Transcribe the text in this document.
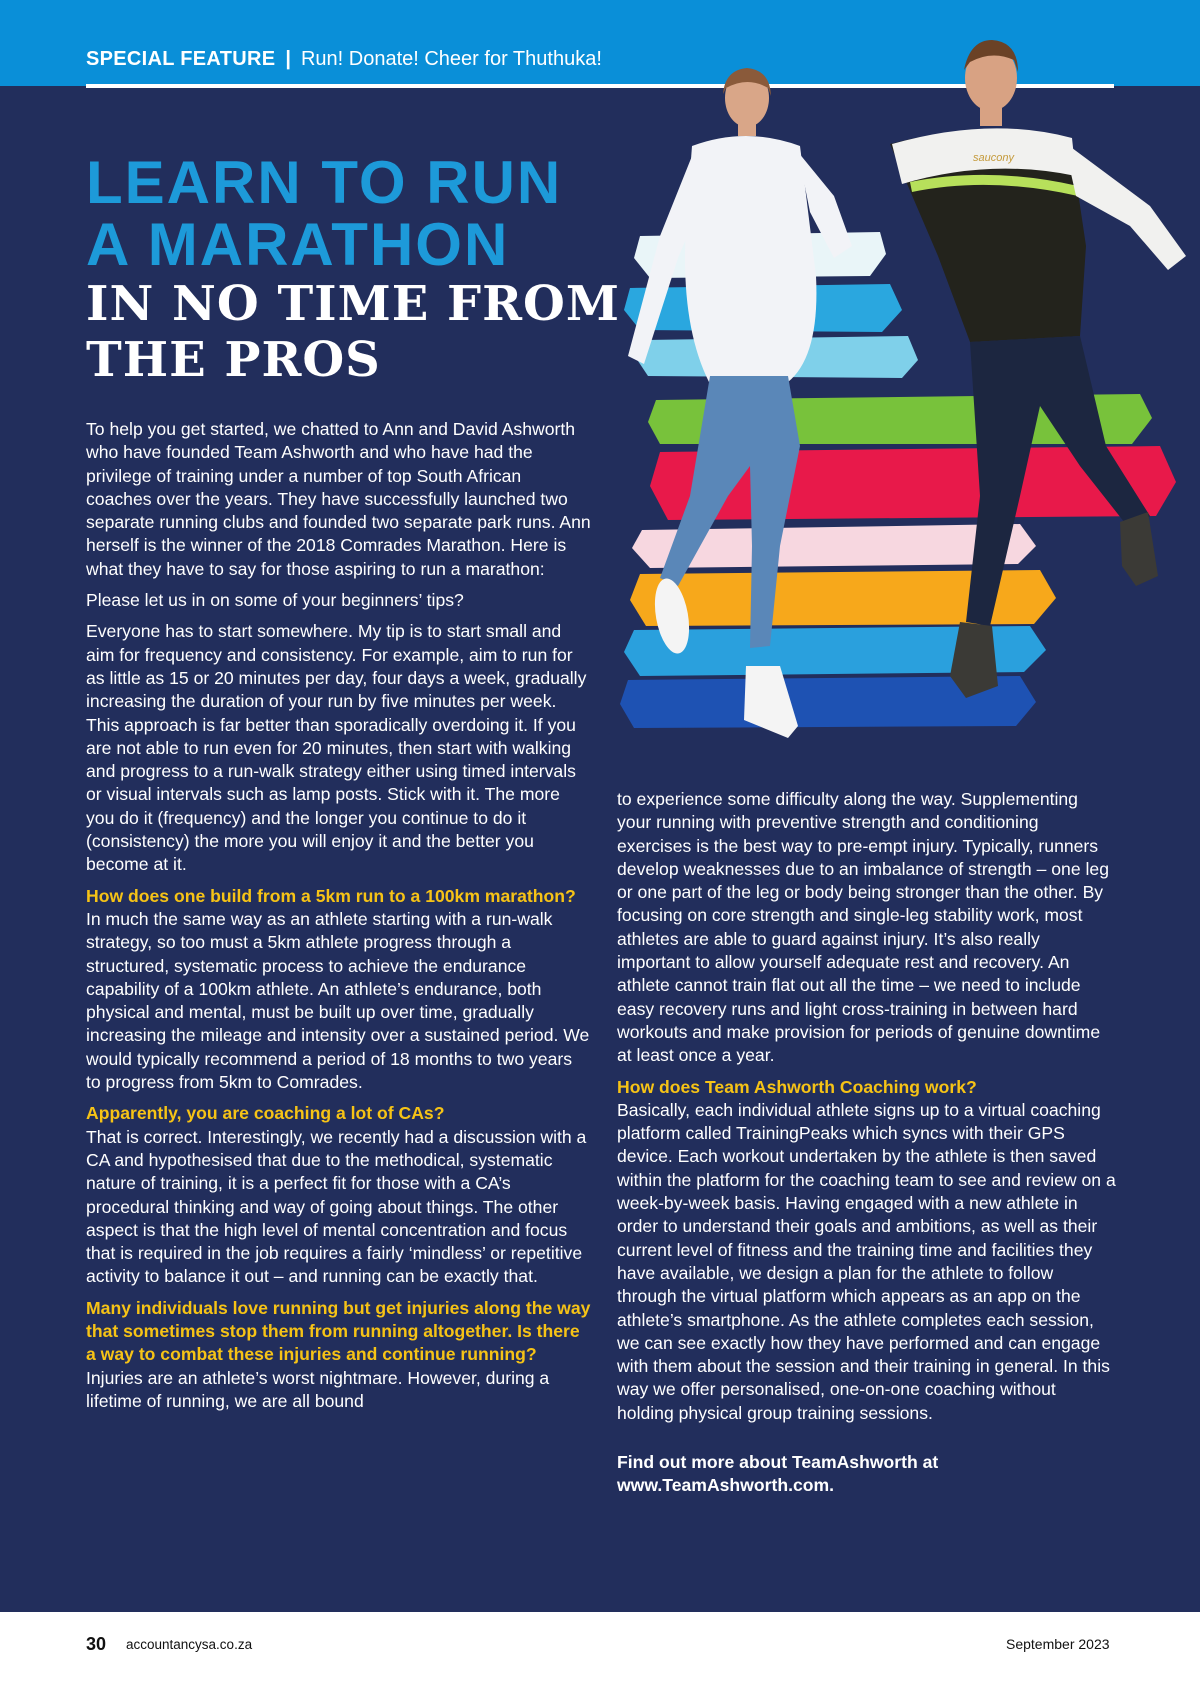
SPECIAL FEATURE | Run! Donate! Cheer for Thuthuka!
saucony
LEARN TO RUN
A MARATHON
IN NO TIME FROM
THE PROS

To help you get started, we chatted to Ann and David Ashworth who have founded Team Ashworth and who have had the privilege of training under a number of top South African coaches over the years. They have successfully launched two separate running clubs and founded two separate park runs. Ann herself is the winner of the 2018 Comrades Marathon. Here is what they have to say for those aspiring to run a marathon:

Please let us in on some of your beginners’ tips?

Everyone has to start somewhere. My tip is to start small and aim for frequency and consistency. For example, aim to run for as little as 15 or 20 minutes per day, four days a week, gradually increasing the duration of your run by five minutes per week. This approach is far better than sporadically overdoing it. If you are not able to run even for 20 minutes, then start with walking and progress to a run-walk strategy either using timed intervals or visual intervals such as lamp posts. Stick with it. The more you do it (frequency) and the longer you continue to do it (consistency) the more you will enjoy it and the better you become at it.

How does one build from a 5km run to a 100km marathon?

In much the same way as an athlete starting with a run-walk strategy, so too must a 5km athlete progress through a structured, systematic process to achieve the endurance capability of a 100km athlete. An athlete’s endurance, both physical and mental, must be built up over time, gradually increasing the mileage and intensity over a sustained period. We would typically recommend a period of 18 months to two years to progress from 5km to Comrades.

Apparently, you are coaching a lot of CAs?

That is correct. Interestingly, we recently had a discussion with a CA and hypothesised that due to the methodical, systematic nature of training, it is a perfect fit for those with a CA’s procedural thinking and way of going about things. The other aspect is that the high level of mental concentration and focus that is required in the job requires a fairly ‘mindless’ or repetitive activity to balance it out – and running can be exactly that.

Many individuals love running but get injuries along the way that sometimes stop them from running altogether. Is there a way to combat these injuries and continue running?

Injuries are an athlete’s worst nightmare. However, during a lifetime of running, we are all bound

to experience some difficulty along the way. Supplementing your running with preventive strength and conditioning exercises is the best way to pre-empt injury. Typically, runners develop weaknesses due to an imbalance of strength – one leg or one part of the leg or body being stronger than the other. By focusing on core strength and single-leg stability work, most athletes are able to guard against injury. It’s also really important to allow yourself adequate rest and recovery. An athlete cannot train flat out all the time – we need to include easy recovery runs and light cross-training in between hard workouts and make provision for periods of genuine downtime at least once a year.

How does Team Ashworth Coaching work?

Basically, each individual athlete signs up to a virtual coaching platform called TrainingPeaks which syncs with their GPS device. Each workout undertaken by the athlete is then saved within the platform for the coaching team to see and review on a week-by-week basis. Having engaged with a new athlete in order to understand their goals and ambitions, as well as their current level of fitness and the training time and facilities they have available, we design a plan for the athlete to follow through the virtual platform which appears as an app on the athlete’s smartphone. As the athlete completes each session, we can see exactly how they have performed and can engage with them about the session and their training in general. In this way we offer personalised, one-on-one coaching without holding physical group training sessions.

Find out more about TeamAshworth at www.TeamAshworth.com.

30 accountancysa.co.za	September 2023
